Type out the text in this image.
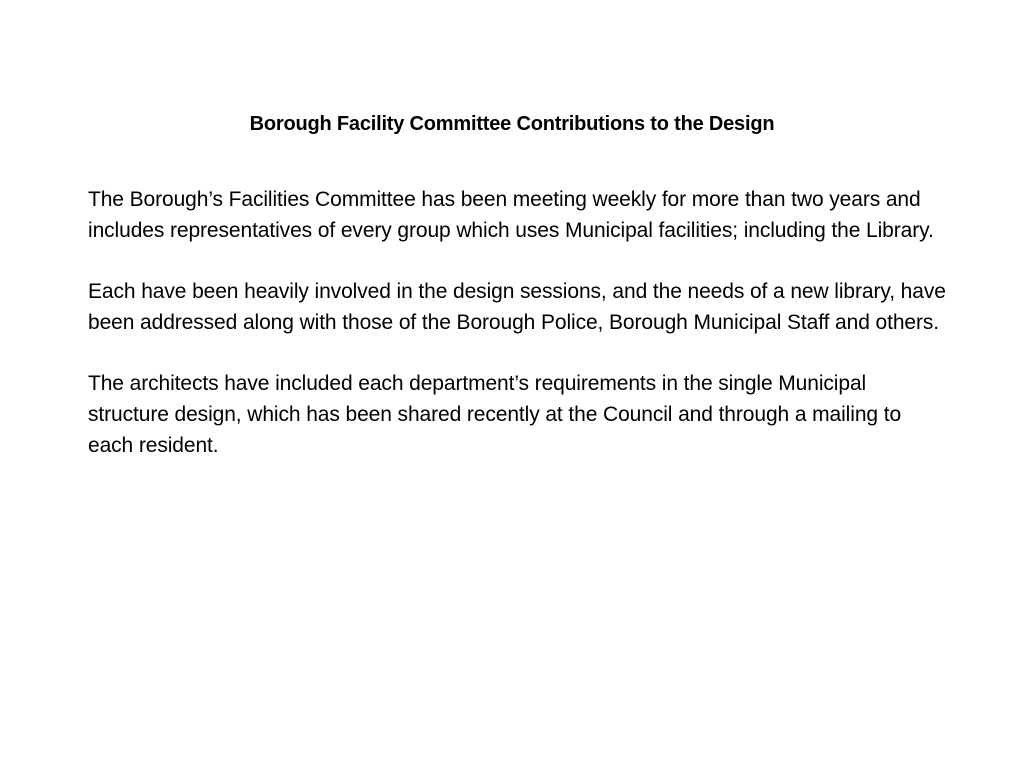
Borough Facility Committee Contributions to the Design

The Borough’s Facilities Committee has been meeting weekly for more than two years and includes representatives of every group which uses Municipal facilities; including the Library.

Each have been heavily involved in the design sessions, and the needs of a new library, have been addressed along with those of the Borough Police, Borough Municipal Staff and others.

The architects have included each department’s requirements in the single Municipal structure design, which has been shared recently at the Council and through a mailing to each resident.
